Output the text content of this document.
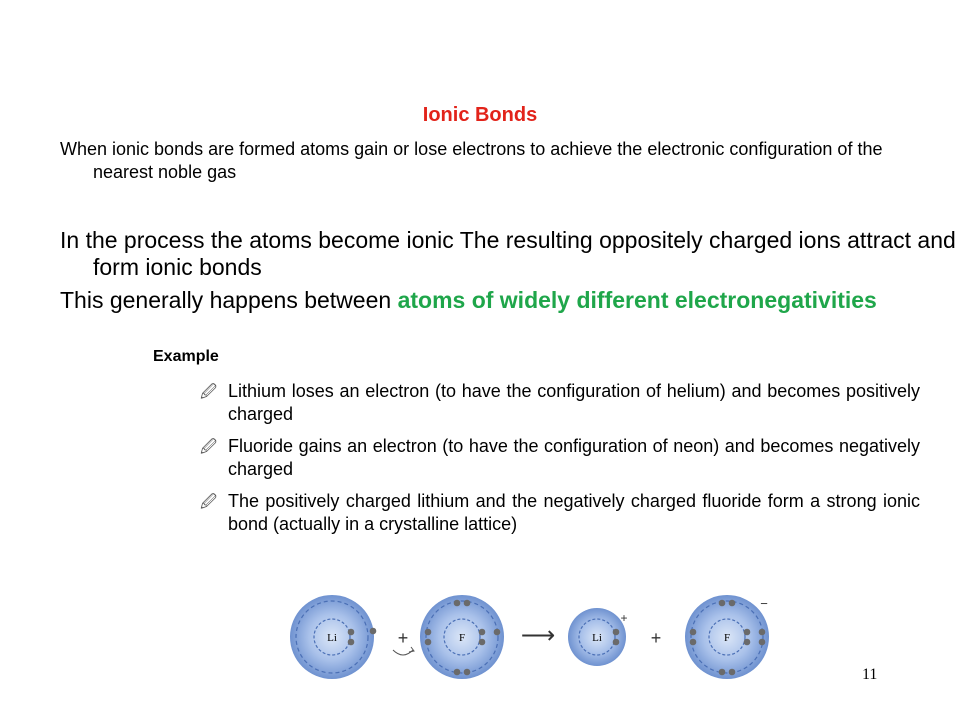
Ionic Bonds
When ionic bonds are formed atoms gain or lose electrons to achieve the electronic configuration of the nearest noble gas
In the process the atoms become ionic The resulting oppositely charged ions attract and form ionic bonds
This generally happens between atoms of widely different electronegativities
Example
🖉 Lithium loses an electron (to have the configuration of helium) and becomes positively charged
🖉 Fluoride gains an electron (to have the configuration of neon) and becomes negatively charged
🖉 The positively charged lithium and the negatively charged fluoride form a strong ionic bond (actually in a crystalline lattice)
Li	+	F ⟶	Li
+
+	F
−
11
